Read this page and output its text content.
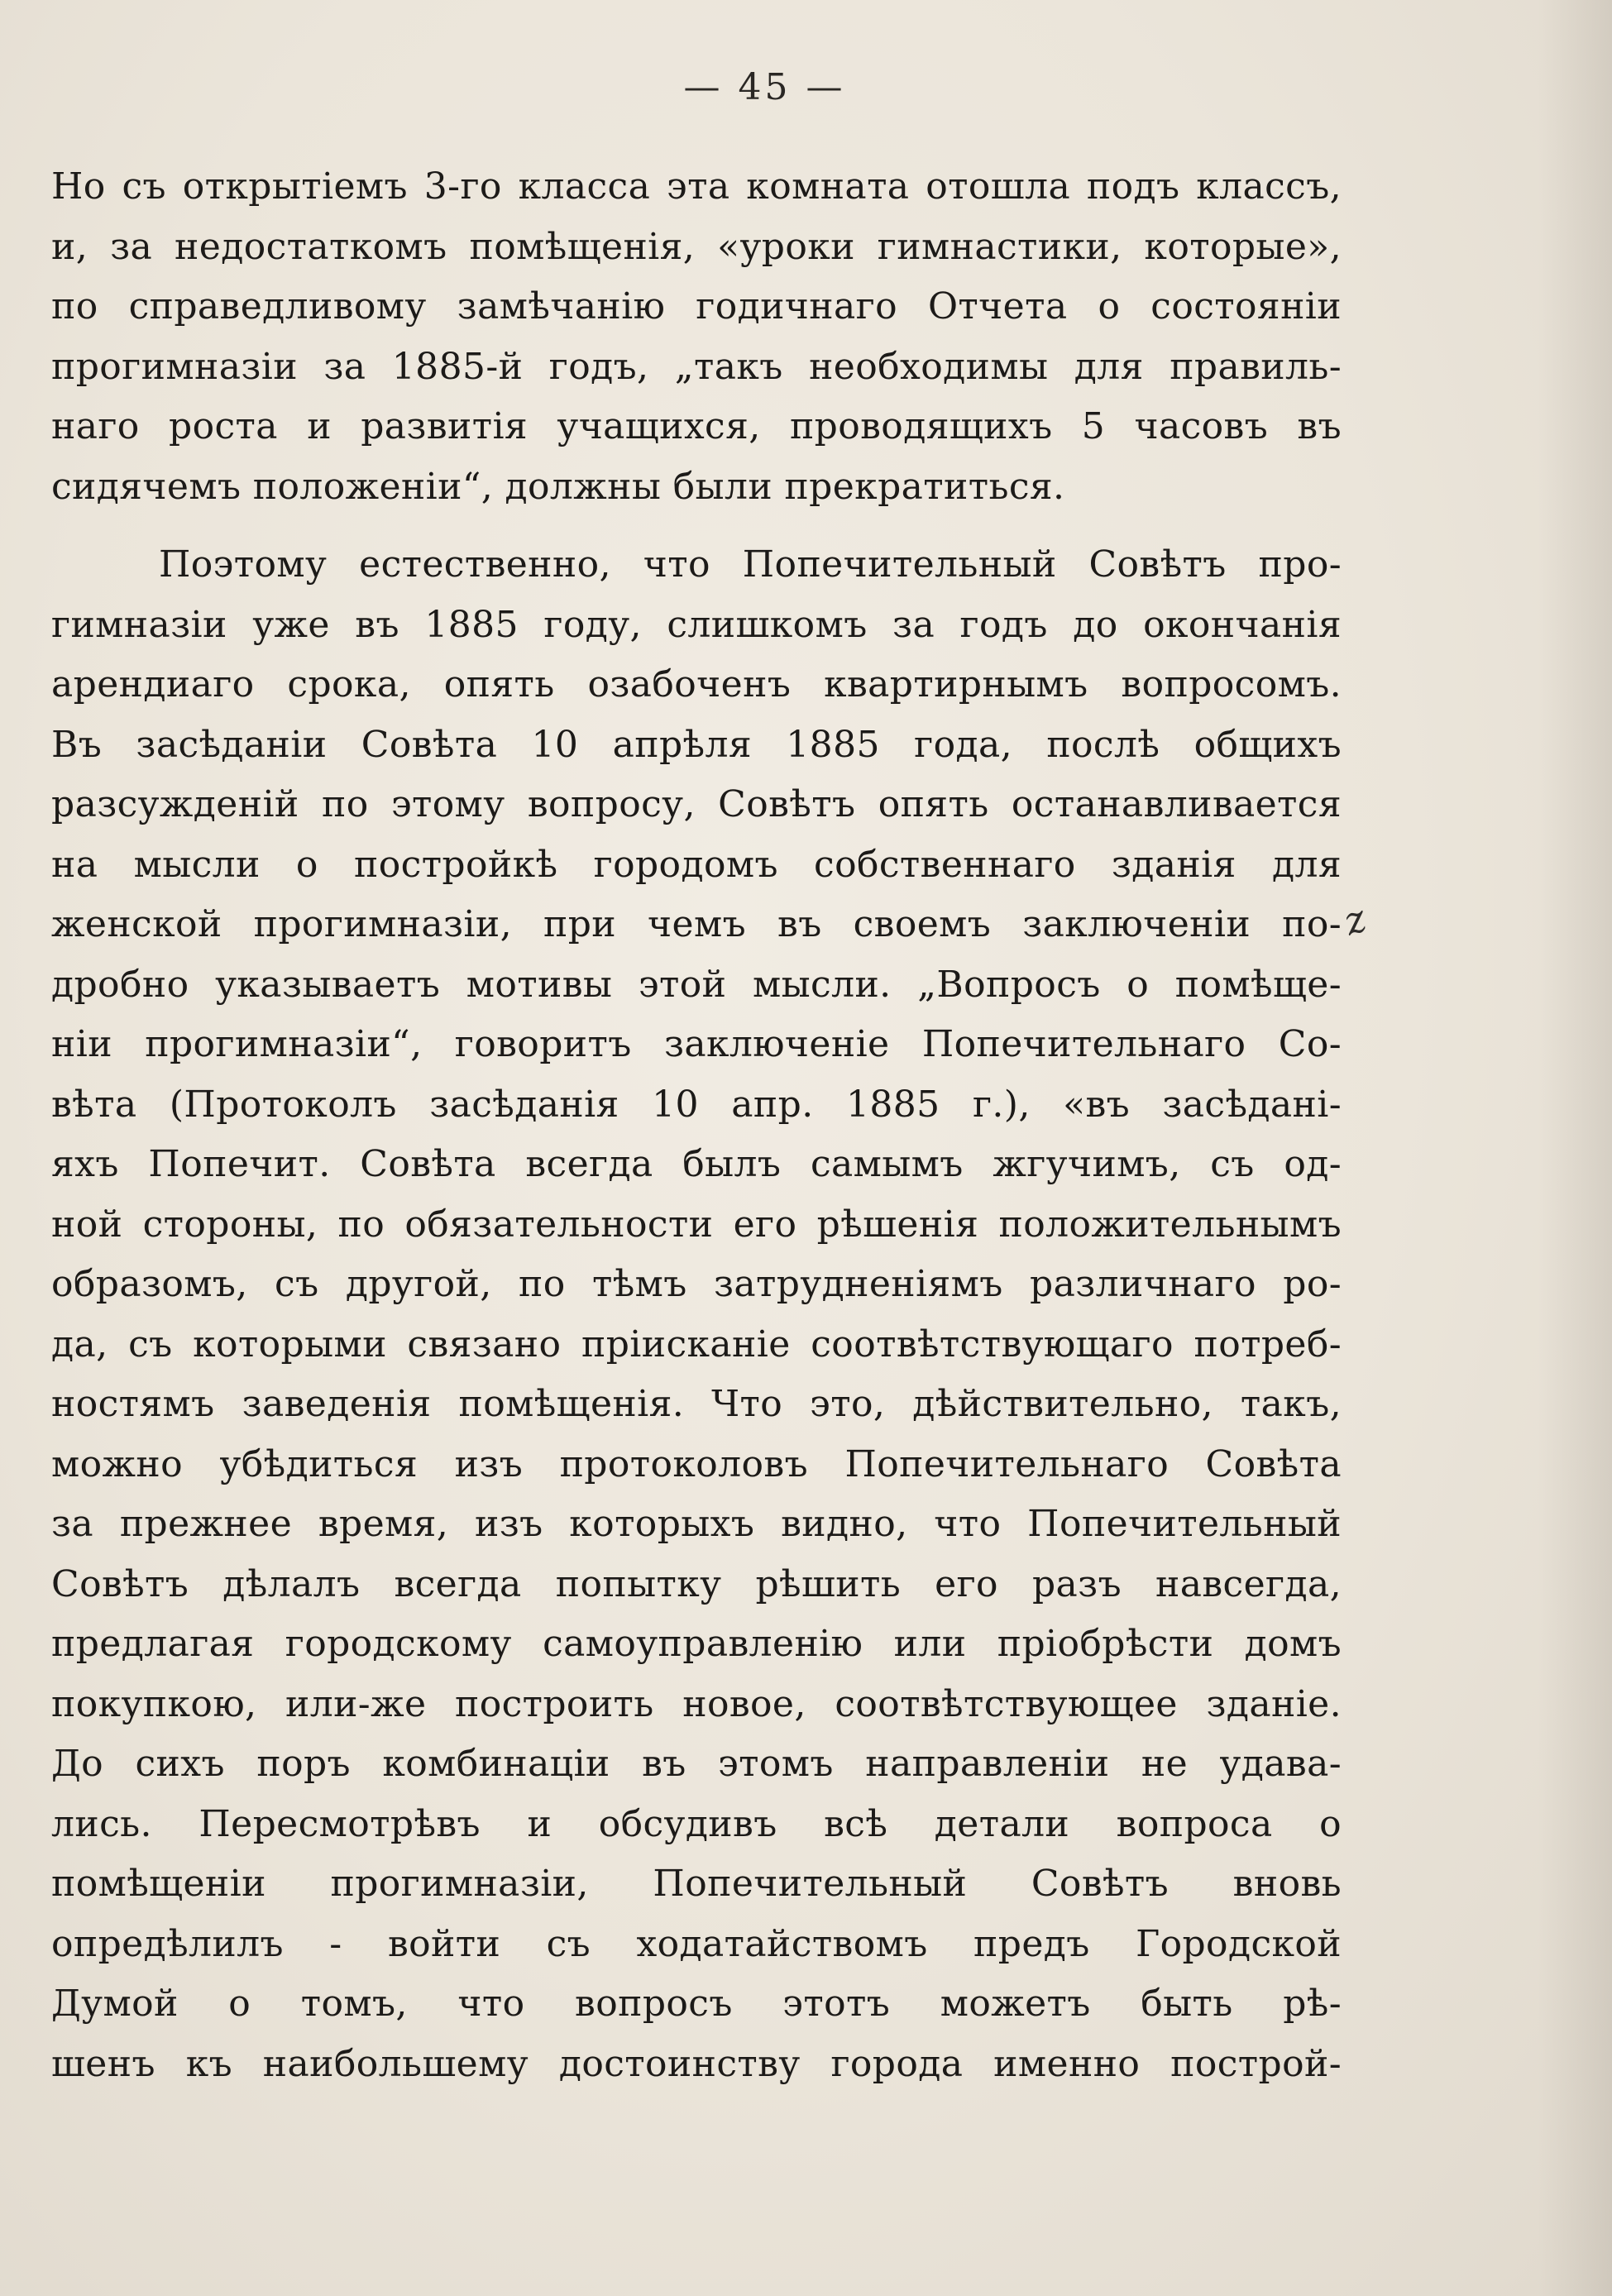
— 45 —
Но съ открытіемъ 3-го класса эта комната отошла подъ классъ,
и, за недостаткомъ помѣщенія, «уроки гимнастики, которые»,
по справедливому замѣчанію годичнаго Отчета о состояніи
прогимназіи за 1885-й годъ, „такъ необходимы для правиль-
наго роста и развитія учащихся, проводящихъ 5 часовъ въ
сидячемъ положеніи“, должны были прекратиться.
Поэтому естественно, что Попечительный Совѣтъ про-
гимназіи уже въ 1885 году, слишкомъ за годъ до окончанія
арендиаго срока, опять озабоченъ квартирнымъ вопросомъ.
Въ засѣданіи Совѣта 10 апрѣля 1885 года, послѣ общихъ
разсужденій по этому вопросу, Совѣтъ опять останавливается
на мысли о постройкѣ городомъ собственнаго зданія для
женской прогимназіи, при чемъ въ своемъ заключеніи по-
дробно указываетъ мотивы этой мысли. „Вопросъ о помѣще-
ніи прогимназіи“, говоритъ заключеніе Попечительнаго Со-
вѣта (Протоколъ засѣданія 10 апр. 1885 г.), «въ засѣдані-
яхъ Попечит. Совѣта всегда былъ самымъ жгучимъ, съ од-
ной стороны, по обязательности его рѣшенія положительнымъ
образомъ, съ другой, по тѣмъ затрудненіямъ различнаго ро-
да, съ которыми связано пріисканіе соотвѣтствующаго потреб-
ностямъ заведенія помѣщенія. Что это, дѣйствительно, такъ,
можно убѣдиться изъ протоколовъ Попечительнаго Совѣта
за прежнее время, изъ которыхъ видно, что Попечительный
Совѣтъ дѣлалъ всегда попытку рѣшить его разъ навсегда,
предлагая городскому самоуправленію или пріобрѣсти домъ
покупкою, или-же построить новое, соотвѣтствующее зданіе.
До сихъ поръ комбинаціи въ этомъ направленіи не удава-
лись. Пересмотрѣвъ и обсудивъ всѣ детали вопроса о
помѣщеніи прогимназіи, Попечительный Совѣтъ вновь
опредѣлилъ - войти съ ходатайствомъ предъ Городской
Думой о томъ, что вопросъ этотъ можетъ быть рѣ-
шенъ къ наибольшему достоинству города именно построй-
z
